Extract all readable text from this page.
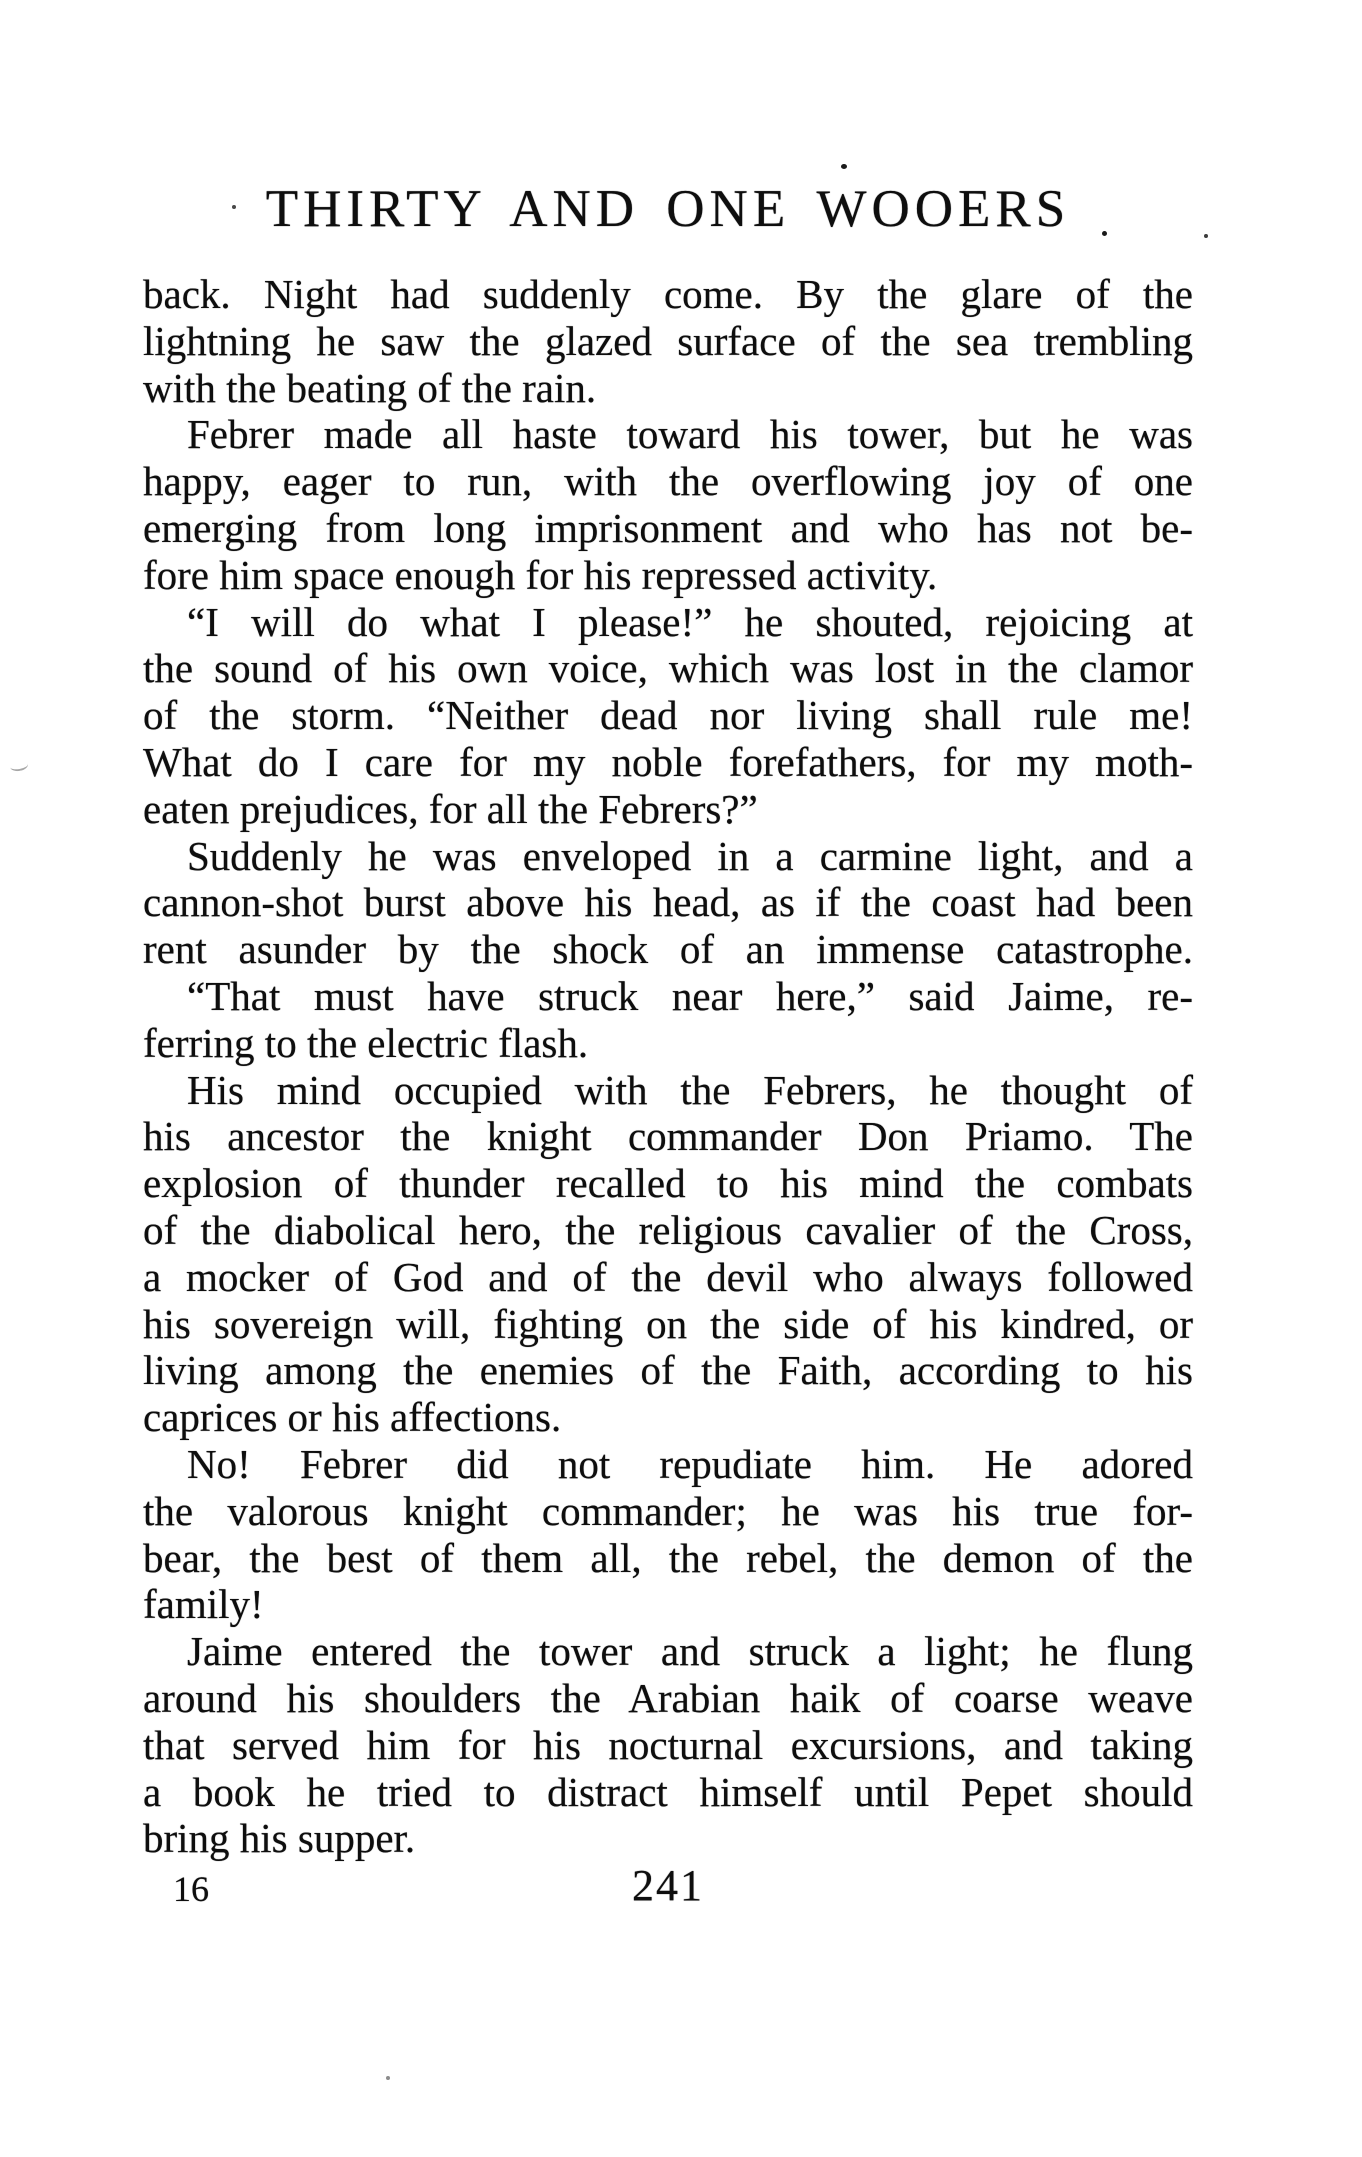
THIRTY AND ONE WOOERS
back. Night had suddenly come. By the glare of the
lightning he saw the glazed surface of the sea trembling
with the beating of the rain.
Febrer made all haste toward his tower, but he was
happy, eager to run, with the overflowing joy of one
emerging from long imprisonment and who has not be-
fore him space enough for his repressed activity.
“I will do what I please!” he shouted, rejoicing at
the sound of his own voice, which was lost in the clamor
of the storm. “Neither dead nor living shall rule me!
What do I care for my noble forefathers, for my moth-
eaten prejudices, for all the Febrers?”
Suddenly he was enveloped in a carmine light, and a
cannon-shot burst above his head, as if the coast had been
rent asunder by the shock of an immense catastrophe.
“That must have struck near here,” said Jaime, re-
ferring to the electric flash.
His mind occupied with the Febrers, he thought of
his ancestor the knight commander Don Priamo. The
explosion of thunder recalled to his mind the combats
of the diabolical hero, the religious cavalier of the Cross,
a mocker of God and of the devil who always followed
his sovereign will, fighting on the side of his kindred, or
living among the enemies of the Faith, according to his
caprices or his affections.
No! Febrer did not repudiate him. He adored
the valorous knight commander; he was his true for-
bear, the best of them all, the rebel, the demon of the
family!
Jaime entered the tower and struck a light; he flung
around his shoulders the Arabian haik of coarse weave
that served him for his nocturnal excursions, and taking
a book he tried to distract himself until Pepet should
bring his supper.
16	241
